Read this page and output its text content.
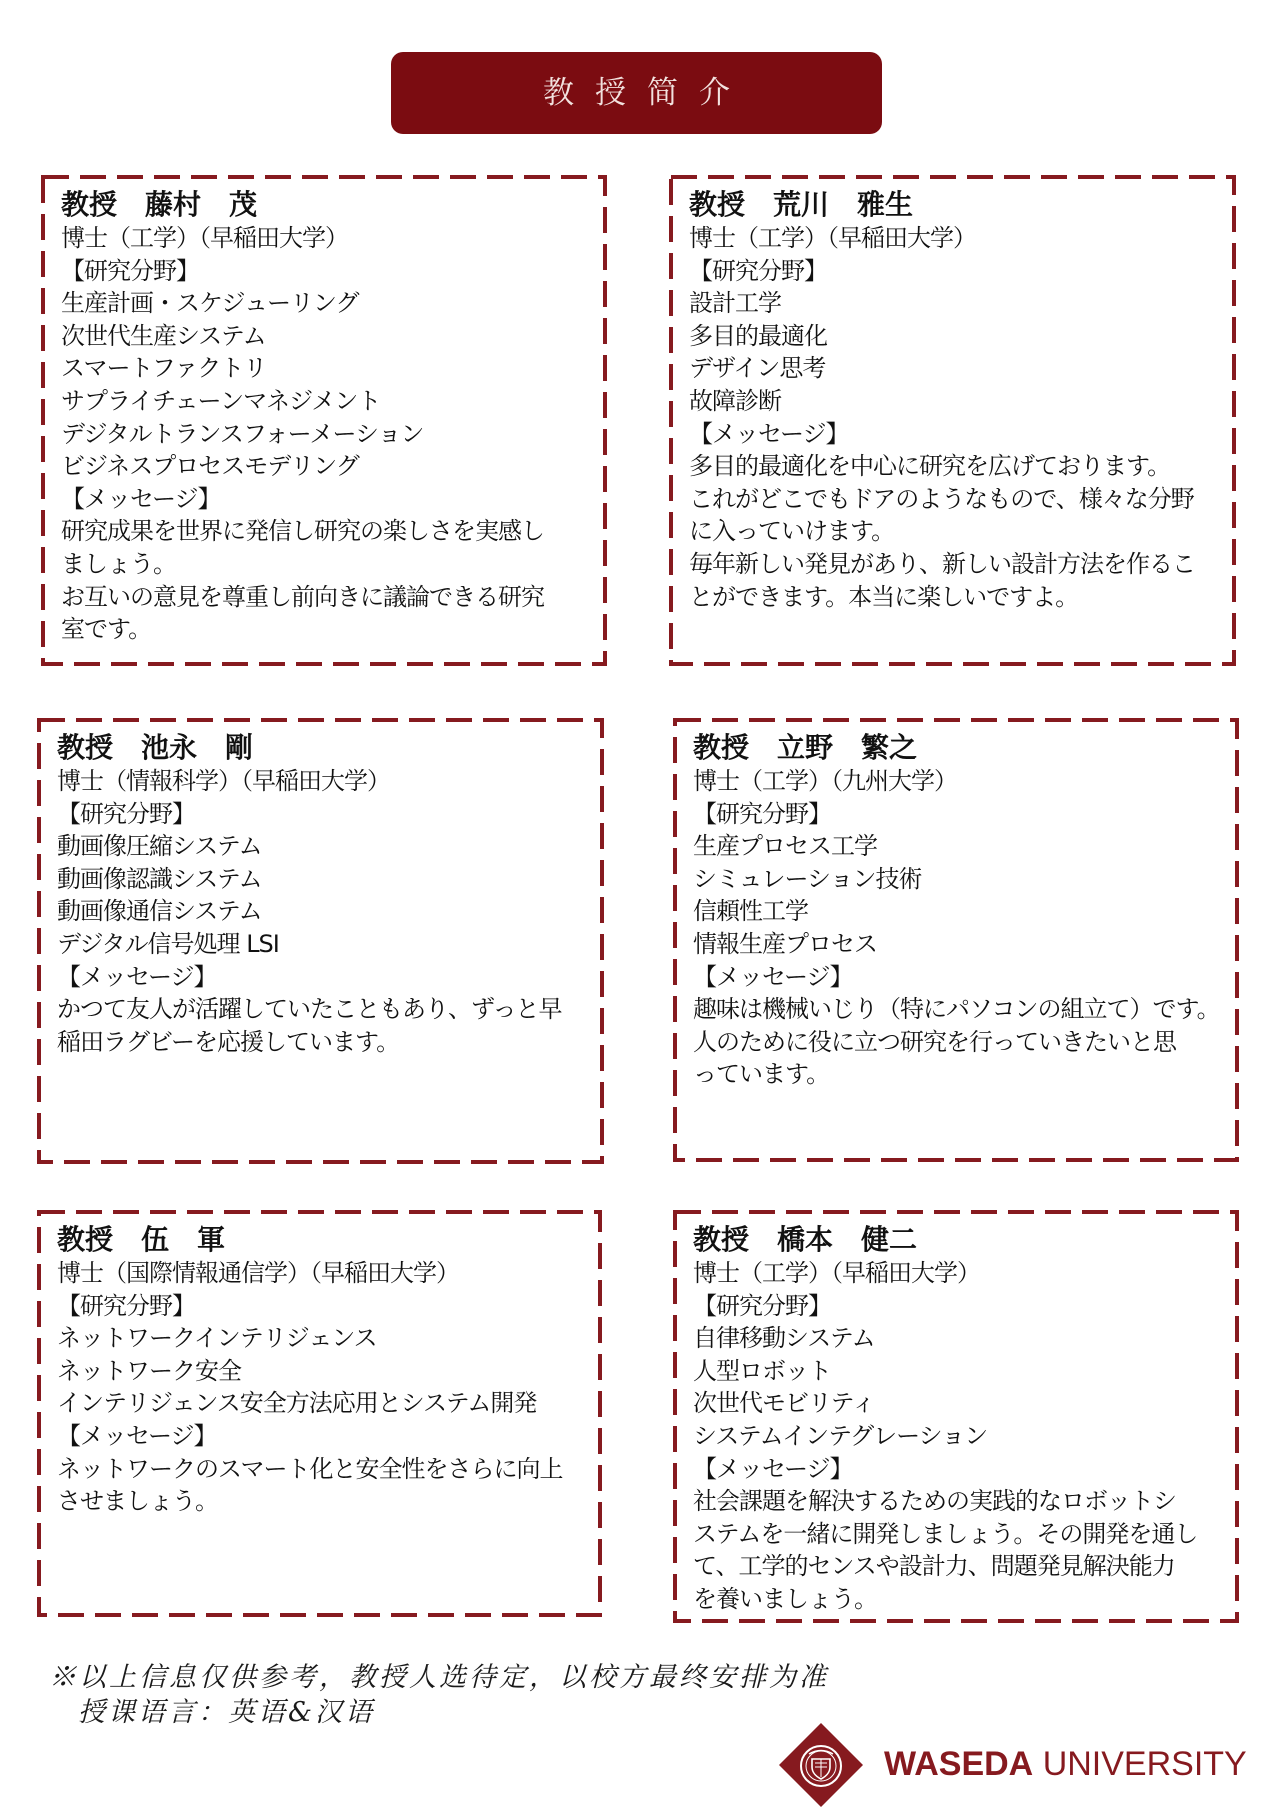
教授简介
教授　藤村　茂
博士（工学）（早稲田大学）
【研究分野】
生産計画・スケジューリング
次世代生産システム
スマートファクトリ
サプライチェーンマネジメント
デジタルトランスフォーメーション
ビジネスプロセスモデリング
【メッセージ】
研究成果を世界に発信し研究の楽しさを実感し
ましょう。
お互いの意見を尊重し前向きに議論できる研究
室です。
教授　荒川　雅生
博士（工学）（早稲田大学）
【研究分野】
設計工学
多目的最適化
デザイン思考
故障診断
【メッセージ】
多目的最適化を中心に研究を広げております。
これがどこでもドアのようなもので、様々な分野
に入っていけます。
毎年新しい発見があり、新しい設計方法を作るこ
とができます。本当に楽しいですよ。
教授　池永　剛
博士（情報科学）（早稲田大学）
【研究分野】
動画像圧縮システム
動画像認識システム
動画像通信システム
デジタル信号処理 LSI
【メッセージ】
かつて友人が活躍していたこともあり、ずっと早
稲田ラグビーを応援しています。
教授　立野　繁之
博士（工学）（九州大学）
【研究分野】
生産プロセス工学
シミュレーション技術
信頼性工学
情報生産プロセス
【メッセージ】
趣味は機械いじり（特にパソコンの組立て）です。
人のために役に立つ研究を行っていきたいと思
っています。
教授　伍　軍
博士（国際情報通信学）（早稲田大学）
【研究分野】
ネットワークインテリジェンス
ネットワーク安全
インテリジェンス安全方法応用とシステム開発
【メッセージ】
ネットワークのスマート化と安全性をさらに向上
させましょう。
教授　橋本　健二
博士（工学）（早稲田大学）
【研究分野】
自律移動システム
人型ロボット
次世代モビリティ
システムインテグレーション
【メッセージ】
社会課題を解決するための実践的なロボットシ
ステムを一緒に開発しましょう。その開発を通し
て、工学的センスや設計力、問題発見解決能力
を養いましょう。
※以上信息仅供参考，教授人选待定，以校方最终安排为准
授课语言：英语&汉语
WASEDA UNIVERSITY
